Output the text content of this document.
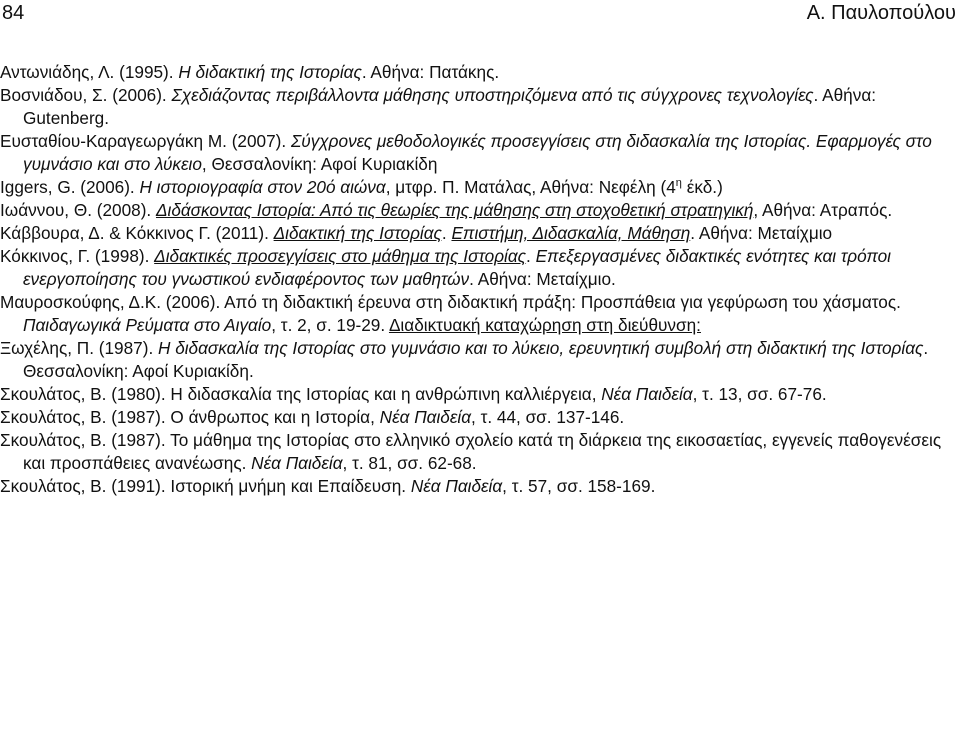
84	Α. Παυλοπούλου
Αντωνιάδης, Λ. (1995). Η διδακτική της Ιστορίας. Αθήνα: Πατάκης.
Βοσνιάδου, Σ. (2006). Σχεδιάζοντας περιβάλλοντα μάθησης υποστηριζόμενα από τις σύγχρονες τεχνολογίες. Αθήνα: Gutenberg.
Ευσταθίου-Καραγεωργάκη Μ. (2007). Σύγχρονες μεθοδολογικές προσεγγίσεις στη διδασκαλία της Ιστορίας. Εφαρμογές στο γυμνάσιο και στο λύκειο, Θεσσαλονίκη: Αφοί Κυριακίδη
Iggers, G. (2006). Η ιστοριογραφία στον 20ό αιώνα, μτφρ. Π. Ματάλας, Αθήνα: Νεφέλη ($4^\eta$ έκδ.)
Ιωάννου, Θ. (2008). Διδάσκοντας Ιστορία: Από τις θεωρίες της μάθησης στη στοχοθετική στρατηγική, Αθήνα: Ατραπός.
Κάββουρα, Δ. & Κόκκινος Γ. (2011). Διδακτική της Ιστορίας. Επιστήμη, Διδασκαλία, Μάθηση. Αθήνα: Μεταίχμιο
Κόκκινος, Γ. (1998). Διδακτικές προσεγγίσεις στο μάθημα της Ιστορίας. Επεξεργασμένες διδακτικές ενότητες και τρόποι ενεργοποίησης του γνωστικού ενδιαφέροντος των μαθητών. Αθήνα: Μεταίχμιο.
Μαυροσκούφης, Δ.Κ. (2006). Από τη διδακτική έρευνα στη διδακτική πράξη: Προσπάθεια για γεφύρωση του χάσματος. Παιδαγωγικά Ρεύματα στο Αιγαίο, τ. 2, σ. 19-29. Διαδικτυακή καταχώρηση στη διεύθυνση:
Ξωχέλης, Π. (1987). Η διδασκαλία της Ιστορίας στο γυμνάσιο και το λύκειο, ερευνητική συμβολή στη διδακτική της Ιστορίας. Θεσσαλονίκη: Αφοί Κυριακίδη.
Σκουλάτος, Β. (1980). Η διδασκαλία της Ιστορίας και η ανθρώπινη καλλιέργεια, Νέα Παιδεία, τ. 13, σσ. 67-76.
Σκουλάτος, Β. (1987). Ο άνθρωπος και η Ιστορία, Νέα Παιδεία, τ. 44, σσ. 137-146.
Σκουλάτος, Β. (1987). Το μάθημα της Ιστορίας στο ελληνικό σχολείο κατά τη διάρκεια της εικοσαετίας, εγγενείς παθογενέσεις και προσπάθειες ανανέωσης. Νέα Παιδεία, τ. 81, σσ. 62-68.
Σκουλάτος, Β. (1991). Ιστορική μνήμη και Επαίδευση. Νέα Παιδεία, τ. 57, σσ. 158-169.
